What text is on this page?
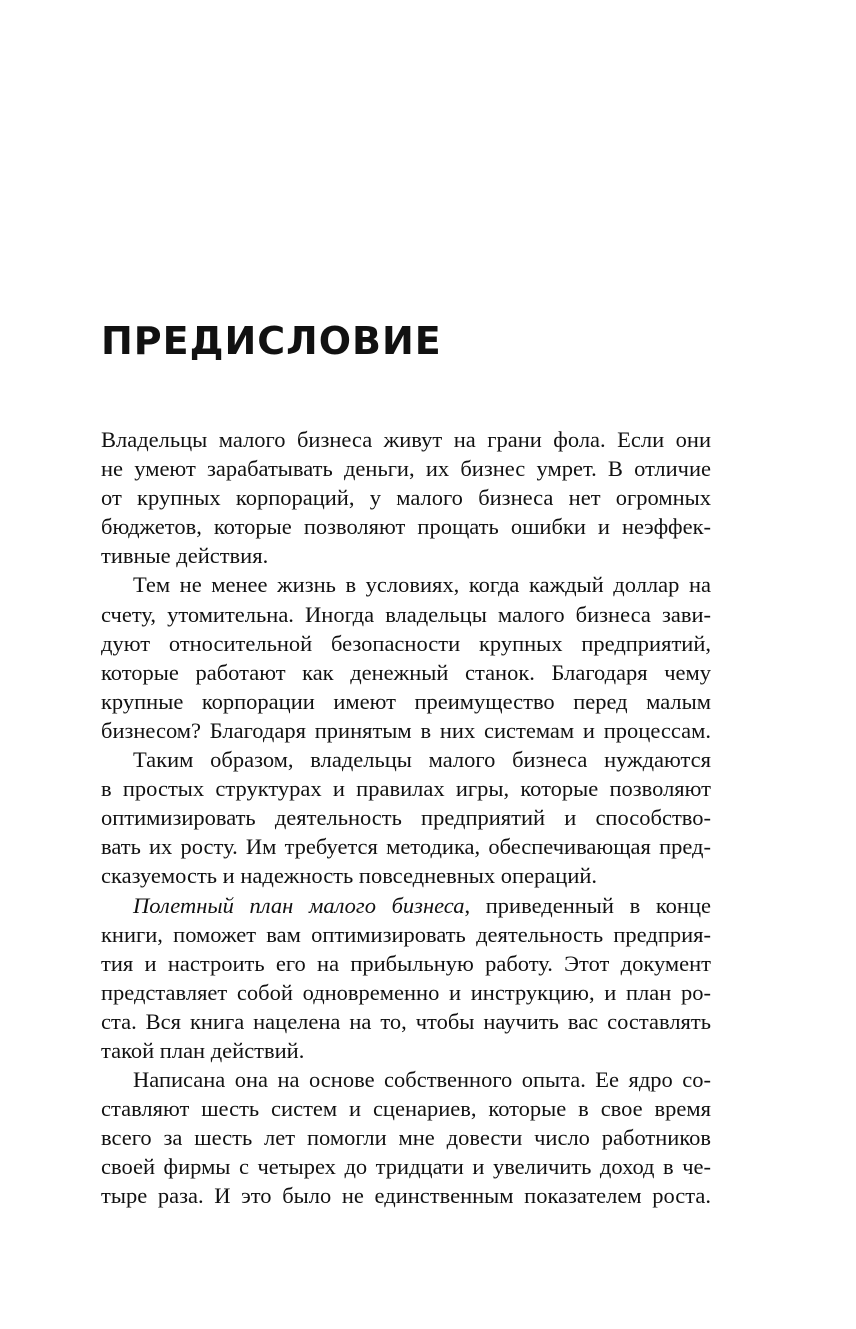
ПРЕДИСЛОВИЕ
Владельцы малого бизнеса живут на грани фола. Если они
не умеют зарабатывать деньги, их бизнес умрет. В отличие
от крупных корпораций, у малого бизнеса нет огромных
бюджетов, которые позволяют прощать ошибки и неэффек-
тивные действия.
Тем не менее жизнь в условиях, когда каждый доллар на
счету, утомительна. Иногда владельцы малого бизнеса зави-
дуют относительной безопасности крупных предприятий,
которые работают как денежный станок. Благодаря чему
крупные корпорации имеют преимущество перед малым
бизнесом? Благодаря принятым в них системам и процессам.
Таким образом, владельцы малого бизнеса нуждаются
в простых структурах и правилах игры, которые позволяют
оптимизировать деятельность предприятий и способство-
вать их росту. Им требуется методика, обеспечивающая пред-
сказуемость и надежность повседневных операций.
Полетный план малого бизнеса, приведенный в конце
книги, поможет вам оптимизировать деятельность предприя-
тия и настроить его на прибыльную работу. Этот документ
представляет собой одновременно и инструкцию, и план ро-
ста. Вся книга нацелена на то, чтобы научить вас составлять
такой план действий.
Написана она на основе собственного опыта. Ее ядро со-
ставляют шесть систем и сценариев, которые в свое время
всего за шесть лет помогли мне довести число работников
своей фирмы с четырех до тридцати и увеличить доход в че-
тыре раза. И это было не единственным показателем роста.
